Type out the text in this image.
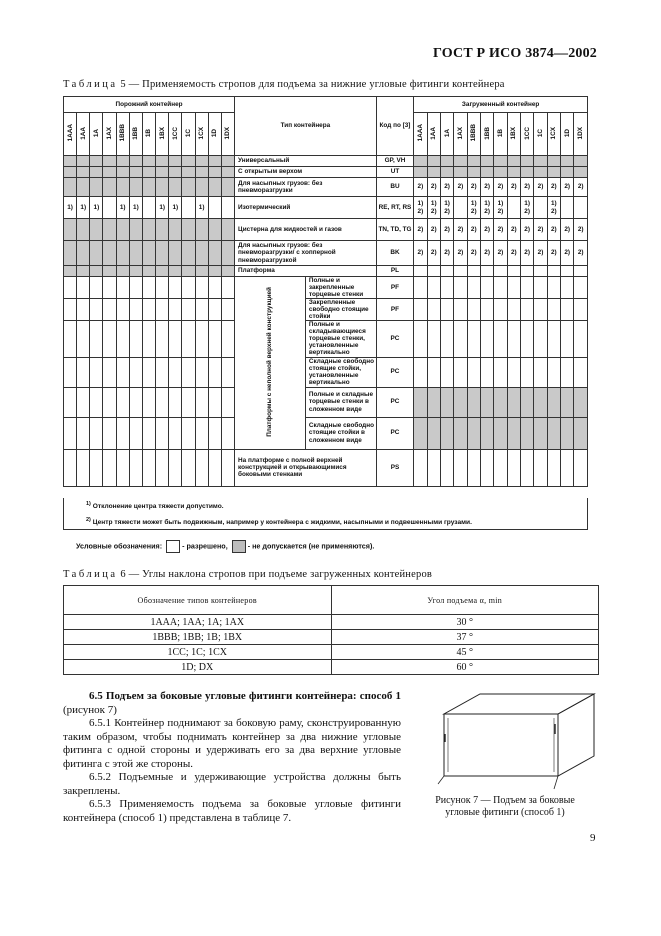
ГОСТ Р ИСО 3874—2002
Таблица 5 — Применяемость стропов для подъема за нижние угловые фитинги контейнера
Порожний контейнер													Тип контейнера		Код по [3]	Загруженный контейнер												
1AAA	1AA	1A	1AX	1BBB	1BB	1B	1BX	1CC	1C	1CX	1D	1DX				1AAA	1AA	1A	1AX	1BBB	1BB	1B	1BX	1CC	1C	1CX	1D	1DX
													Универсальный		GP, VH													
													С открытым верхом		UT													
													Для насыпных грузов: без пневмоpазгрузки		BU	2)	2)	2)	2)	2)	2)	2)	2)	2)	2)	2)	2)	2)
1)	1)	1)		1)	1)		1)	1)		1)			Изотермический		RE, RT, RS	1) 2)	1) 2)	1) 2)		1) 2)	1) 2)	1) 2)		1) 2)		1) 2)		
													Цистерна для жидкостей и газов		TN, TD, TG	2)	2)	2)	2)	2)	2)	2)	2)	2)	2)	2)	2)	2)
													Для насыпных грузов: без пневмоpазгрузки/ с хоппернoй пневмоpазгрузкой		BK	2)	2)	2)	2)	2)	2)	2)	2)	2)	2)	2)	2)	2)
													Платформа		PL													
													Платформы с неполной верхней конструкцией	Полные и закрепленные торцевые стенки	PF													
														Закрепленные свободно стоящие стойки	PF													
														Полные и складывающиеся торцевые стенки, установленные вертикально	PC													
														Складные свободно стоящие стойки, установленные вертикально	PC													
														Полные и складные торцевые стенки в сложенном виде	PC													
														Складные свободно стоящие стойки в сложенном виде	PC													
													На платформе с полной верхней конструкцией и открывающимися боковыми стенками		PS													
$^{1)}$ Отклонение центра тяжести допустимо.
$^{2)}$ Центр тяжести может быть подвижным, например у контейнера с жидкими, насыпными и подвешенными грузами.
Условные обозначения:	- разрешено,	- не допускается (не применяются).
Таблица 6 — Углы наклона стропов при подъеме загруженных контейнеров
Обозначение типов контейнеров	Угол подъема α, min
1AAA; 1AA; 1A; 1AX	30 °
1BBB; 1BB; 1B; 1BX	37 °
1CC; 1C; 1CX	45 °
1D; DX	60 °

6.5 Подъем за боковые угловые фитинги контейнера: способ 1 (рисунок 7)

6.5.1 Контейнер поднимают за боковую раму, сконструированную таким образом, чтобы поднимать контейнер за два нижние угловые фитинга с одной стороны и удерживать его за два верхние угловые фитинга с этой же стороны.

6.5.2 Подъемные и удерживающие устройства должны быть закреплены.

6.5.3 Применяемость подъема за боковые угловые фитинги контейнера (способ 1) представлена в таблице 7.

Рисунок 7 — Подъем за боковые угловые фитинги (способ 1)
9
